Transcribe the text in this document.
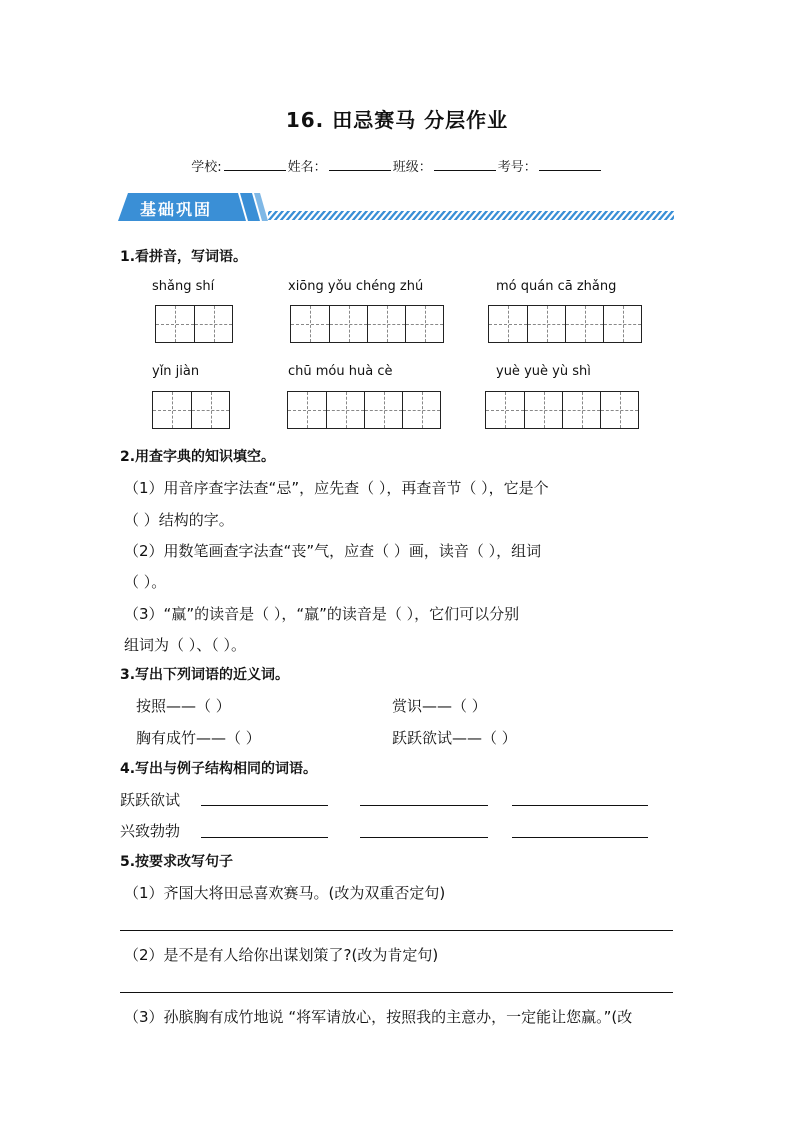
16. 田忌赛马 分层作业
学校:	姓名：	班级：	考号：
基础巩固
1.看拼音，写词语。
shǎng shí	xiōng yǒu chéng zhú	mó quán cā zhǎng
yǐn jiàn	chū móu huà cè	yuè yuè yù shì
2.用查字典的知识填空。
（1）用音序查字法查“忌”，应先查（ ），再查音节（ ），它是个
（ ）结构的字。
（2）用数笔画查字法查“丧”气，应查（ ）画，读音（ ），组词
（ ）。
（3）“赢”的读音是（ ），“羸”的读音是（ ），它们可以分别
组词为（ ）、（ ）。
3.写出下列词语的近义词。
按照——（ ）	赏识——（ ）
胸有成竹——（ ）	跃跃欲试——（ ）
4.写出与例子结构相同的词语。
跃跃欲试
兴致勃勃
5.按要求改写句子
（1）齐国大将田忌喜欢赛马。(改为双重否定句)
（2）是不是有人给你出谋划策了?(改为肯定句)
（3）孙膑胸有成竹地说 “将军请放心，按照我的主意办，一定能让您赢。”(改
